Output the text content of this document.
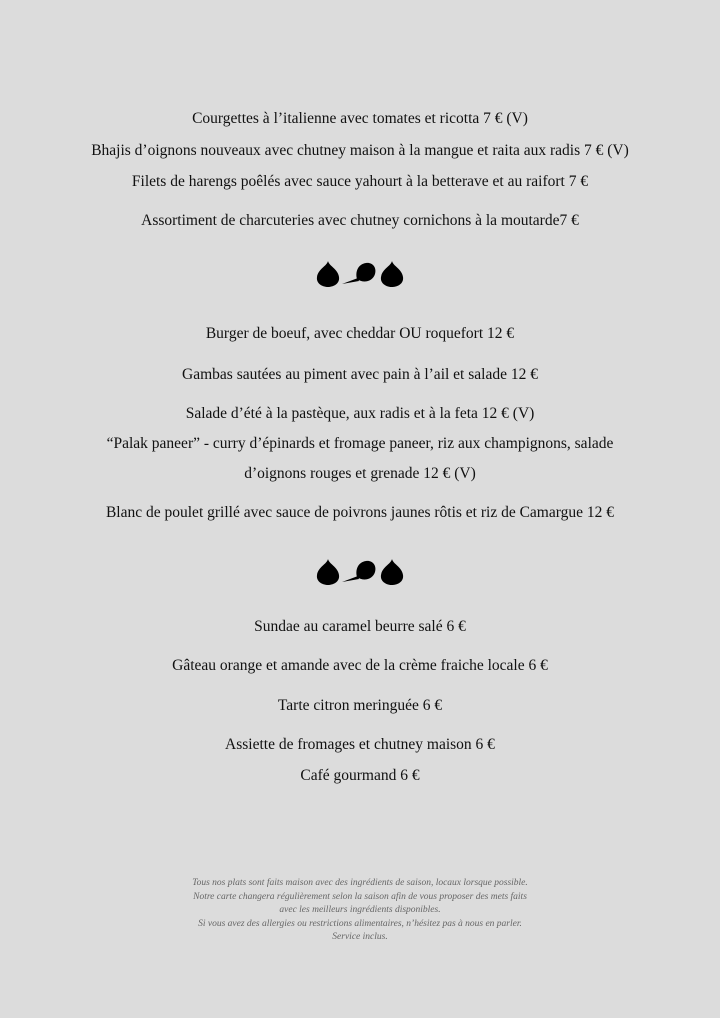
Courgettes à l’italienne avec tomates et ricotta 7 € (V)
Bhajis d’oignons nouveaux avec chutney maison à la mangue et raita aux radis 7 € (V)
Filets de harengs poêlés avec sauce yahourt à la betterave et au raifort 7 €
Assortiment de charcuteries avec chutney cornichons à la moutarde7 €
Burger de boeuf, avec cheddar OU roquefort 12 €
Gambas sautées au piment avec pain à l’ail et salade 12 €
Salade d’été à la pastèque, aux radis et à la feta 12 € (V)
“Palak paneer” - curry d’épinards et fromage paneer, riz aux champignons, salade
d’oignons rouges et grenade 12 € (V)
Blanc de poulet grillé avec sauce de poivrons jaunes rôtis et riz de Camargue 12 €
Sundae au caramel beurre salé 6 €
Gâteau orange et amande avec de la crème fraiche locale 6 €
Tarte citron meringuée 6 €
Assiette de fromages et chutney maison 6 €
Café gourmand 6 €
Tous nos plats sont faits maison avec des ingrédients de saison, locaux lorsque possible.
Notre carte changera régulièrement selon la saison afin de vous proposer des mets faits
avec les meilleurs ingrédients disponibles.
Si vous avez des allergies ou restrictions alimentaires, n’hésitez pas à nous en parler.
Service inclus.
